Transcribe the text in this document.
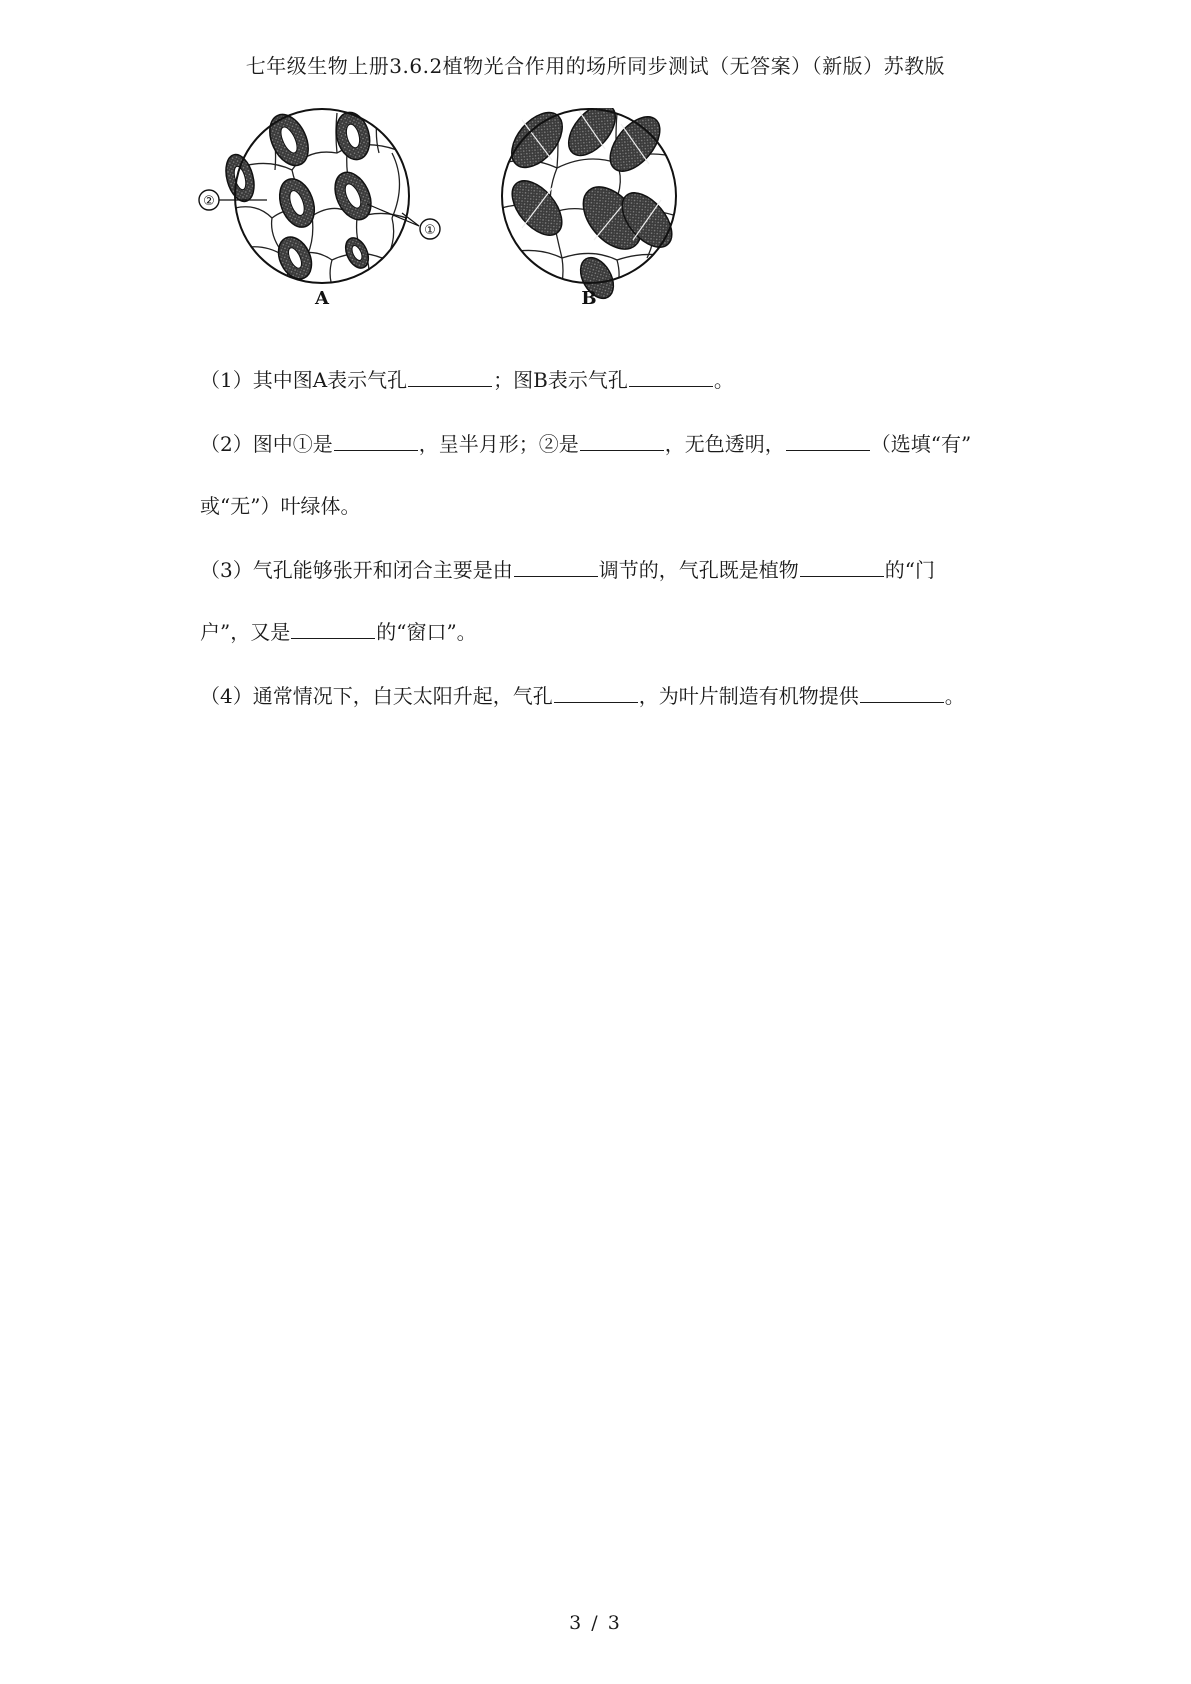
七年级生物上册3.6.2植物光合作用的场所同步测试（无答案）（新版）苏教版
②
①
A	B
（1）其中图A表示气孔	；图B表示气孔	。
（2）图中①是	，呈半月形；②是	，无色透明，	（选填“有”
或“无”）叶绿体。
（3）气孔能够张开和闭合主要是由	调节的，气孔既是植物	的“门
户”，又是	的“窗口”。
（4）通常情况下，白天太阳升起，气孔	，为叶片制造有机物提供	。
3 / 3
